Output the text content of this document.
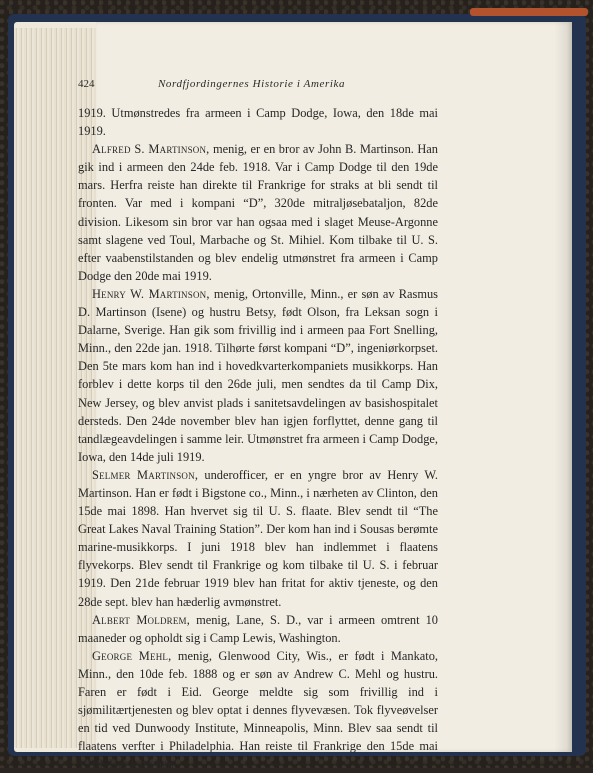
424	Nordfjordingernes Historie i Amerika

1919. Utmønstredes fra armeen i Camp Dodge, Iowa, den 18de mai 1919.

Alfred S. Martinson, menig, er en bror av John B. Martinson. Han gik ind i armeen den 24de feb. 1918. Var i Camp Dodge til den 19de mars. Herfra reiste han direkte til Frankrige for straks at bli sendt til fronten. Var med i kompani “D”, 320de mitraljøsebataljon, 82de division. Likesom sin bror var han ogsaa med i slaget Meuse-Argonne samt slagene ved Toul, Marbache og St. Mihiel. Kom tilbake til U. S. efter vaabenstilstanden og blev endelig utmønstret fra armeen i Camp Dodge den 20de mai 1919.

Henry W. Martinson, menig, Ortonville, Minn., er søn av Rasmus D. Martinson (Isene) og hustru Betsy, født Olson, fra Leksan sogn i Dalarne, Sverige. Han gik som frivillig ind i armeen paa Fort Snelling, Minn., den 22de jan. 1918. Tilhørte først kompani “D”, ingeniørkorpset. Den 5te mars kom han ind i hovedkvarterkompaniets musikkorps. Han forblev i dette korps til den 26de juli, men sendtes da til Camp Dix, New Jersey, og blev anvist plads i sanitetsavdelingen av basishospitalet dersteds. Den 24de november blev han igjen forflyttet, denne gang til tandlægeavdelingen i samme leir. Utmønstret fra armeen i Camp Dodge, Iowa, den 14de juli 1919.

Selmer Martinson, underofficer, er en yngre bror av Henry W. Martinson. Han er født i Bigstone co., Minn., i nærheten av Clinton, den 15de mai 1898. Han hvervet sig til U. S. flaate. Blev sendt til “The Great Lakes Naval Training Station”. Der kom han ind i Sousas berømte marine-musikkorps. I juni 1918 blev han indlemmet i flaatens flyvekorps. Blev sendt til Frankrige og kom tilbake til U. S. i februar 1919. Den 21de februar 1919 blev han fritat for aktiv tjeneste, og den 28de sept. blev han hæderlig avmønstret.

Albert Moldrem, menig, Lane, S. D., var i armeen omtrent 10 maaneder og opholdt sig i Camp Lewis, Washington.

George Mehl, menig, Glenwood City, Wis., er født i Mankato, Minn., den 10de feb. 1888 og er søn av Andrew C. Mehl og hustru. Faren er født i Eid. George meldte sig som frivillig ind i sjømilitærtjenesten og blev optat i dennes flyvevæsen. Tok flyveøvelser en tid ved Dunwoody Institute, Minneapolis, Minn. Blev saa sendt til flaatens verfter i Philadelphia. Han reiste til Frankrige den 15de mai 1918. Her kom han
